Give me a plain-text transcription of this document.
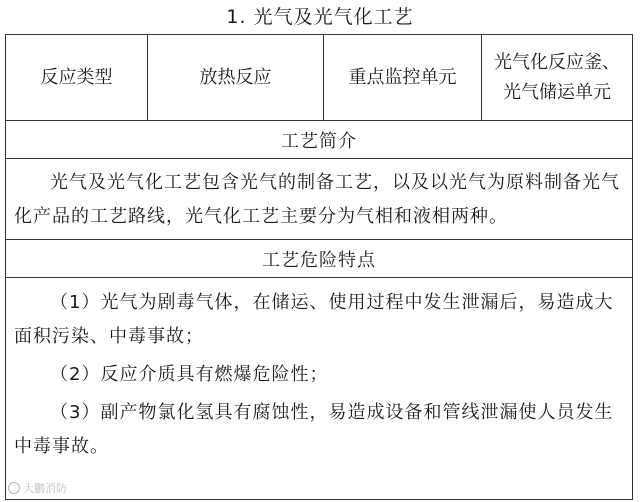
1. 光气及光气化工艺
反应类型	放热反应	重点监控单元
光气化反应釜、
光气储运单元
工艺简介

光气及光气化工艺包含光气的制备工艺，以及以光气为原料制备光气化产品的工艺路线，光气化工艺主要分为气相和液相两种。

工艺危险特点

（1）光气为剧毒气体，在储运、使用过程中发生泄漏后，易造成大面积污染、中毒事故；

（2）反应介质具有燃爆危险性；

（3）副产物氯化氢具有腐蚀性，易造成设备和管线泄漏使人员发生中毒事故。

大鹏消防
